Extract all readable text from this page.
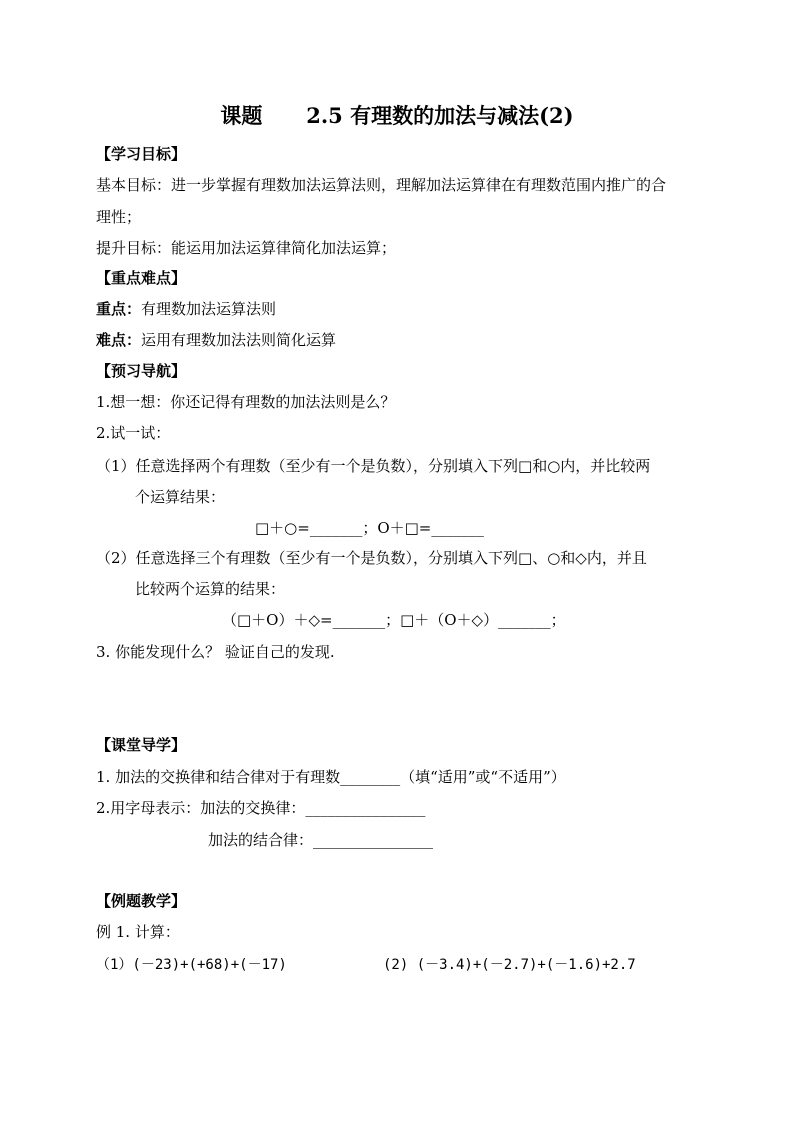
课题      2.5 有理数的加法与减法(2)
【学习目标】
基本目标：进一步掌握有理数加法运算法则，理解加法运算律在有理数范围内推广的合
理性；
提升目标：能运用加法运算律简化加法运算；
【重点难点】
重点：有理数加法运算法则
难点：运用有理数加法法则简化运算
【预习导航】
1.想一想：你还记得有理数的加法法则是么？
2.试一试：
（1）任意选择两个有理数（至少有一个是负数），分别填入下列□和○内，并比较两
个运算结果：
□＋○=_______；O＋□=_______
（2）任意选择三个有理数（至少有一个是负数），分别填入下列□、○和◇内，并且
比较两个运算的结果：
（□＋O）＋◇=_______；□＋（O＋◇）_______；
3. 你能发现什么？ 验证自己的发现.
【课堂导学】
1. 加法的交换律和结合律对于有理数________（填“适用”或“不适用”）
2.用字母表示：加法的交换律：________________
加法的结合律：________________
【例题教学】
例 1. 计算：
（1）(－23)+(+68)+(－17)	(2) (－3.4)+(－2.7)+(－1.6)+2.7
